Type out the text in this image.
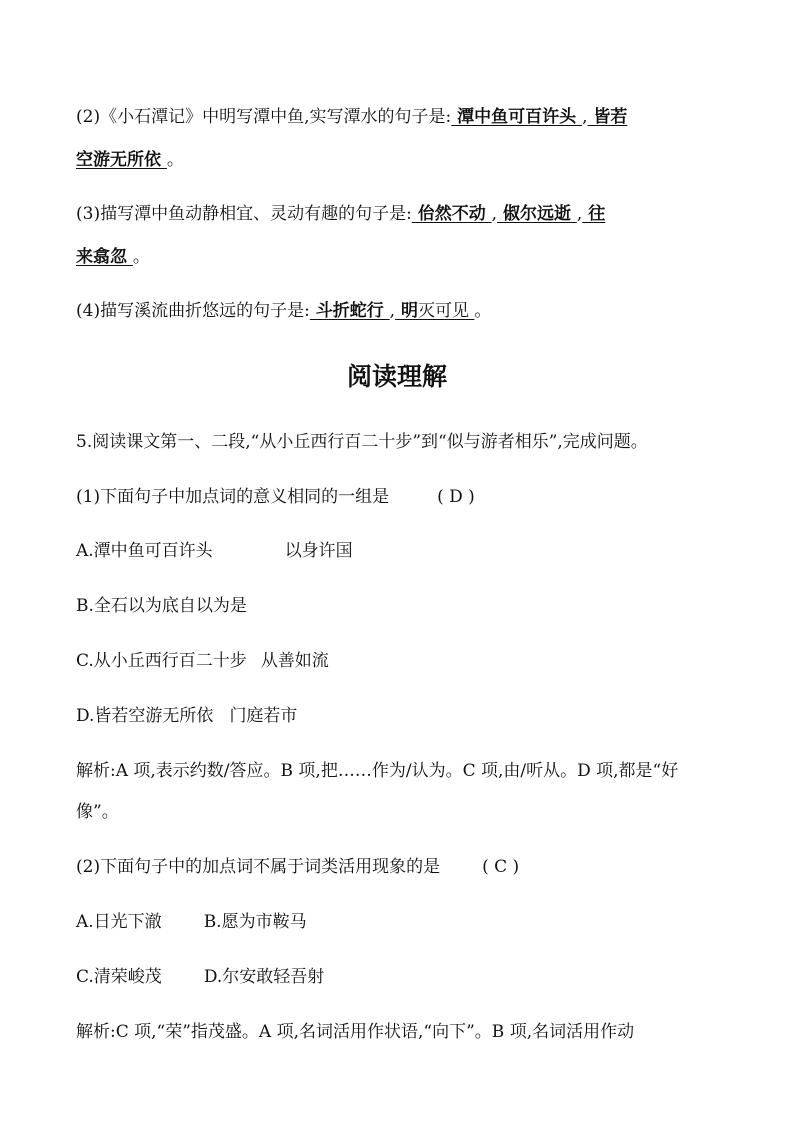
(2)《小石潭记》中明写潭中鱼,实写潭水的句子是: 潭中鱼可百许头 , 皆若
空游无所依 。
(3)描写潭中鱼动静相宜、灵动有趣的句子是: 佁然不动 , 俶尔远逝 , 往
来翕忽 。
(4)描写溪流曲折悠远的句子是: 斗折蛇行 , 明灭可见 。
阅读理解
5.阅读课文第一、二段,“从小丘西行百二十步”到“似与游者相乐”,完成问题。
(1)下面句子中加点词的意义相同的一组是	( D )
A.潭中鱼可百许头	以身许国
B.全石以为底自以为是
C.从小丘西行百二十步 从善如流
D.皆若空游无所依 门庭若市
解析:A 项,表示约数/答应。B 项,把……作为/认为。C 项,由/听从。D 项,都是“好
像”。
(2)下面句子中的加点词不属于词类活用现象的是 ( C )
A.日光下澈 B.愿为市鞍马
C.清荣峻茂 D.尔安敢轻吾射
解析:C 项,“荣”指茂盛。A 项,名词活用作状语,“向下”。B 项,名词活用作动
